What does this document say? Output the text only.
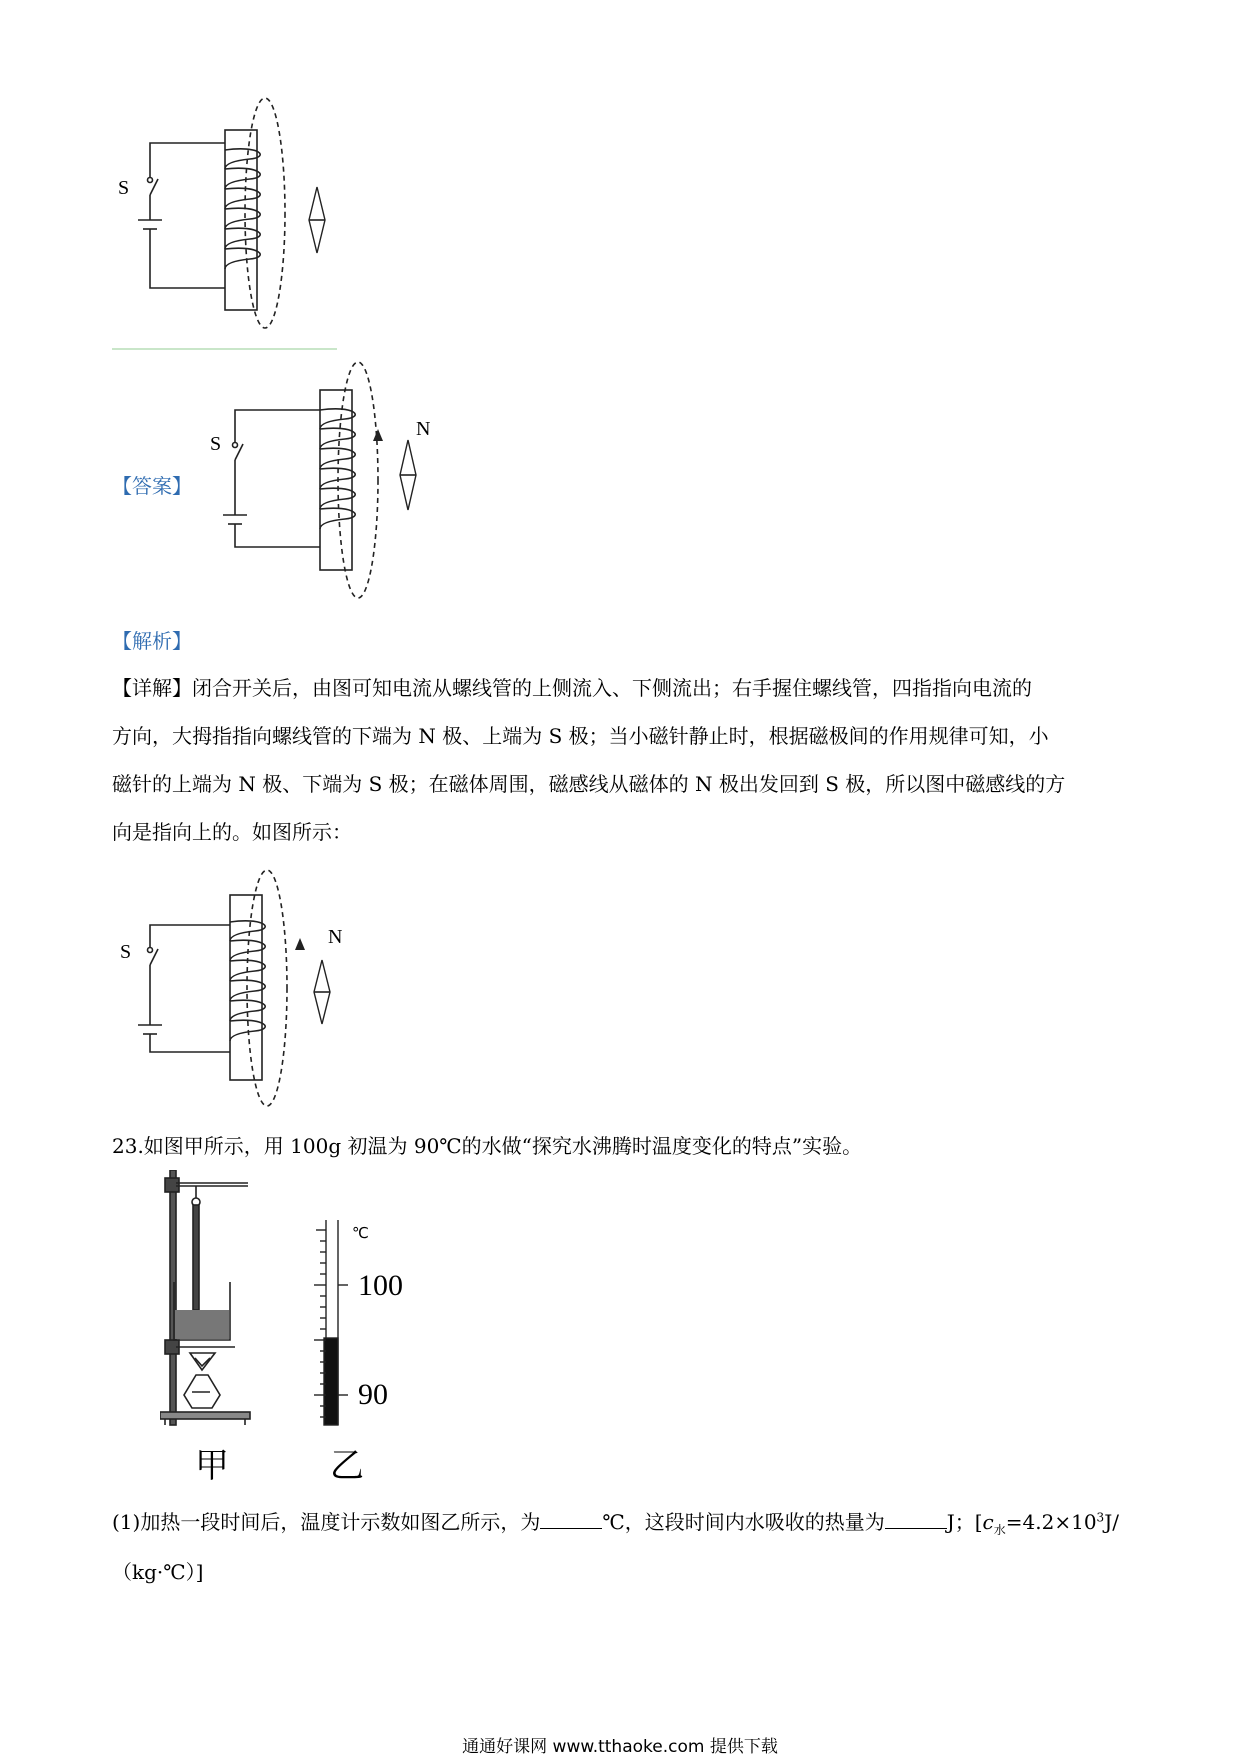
S
【答案】
S
N
【解析】

【详解】闭合开关后，由图可知电流从螺线管的上侧流入、下侧流出；右手握住螺线管，四指指向电流的

方向，大拇指指向螺线管的下端为 N 极、上端为 S 极；当小磁针静止时，根据磁极间的作用规律可知，小

磁针的上端为 N 极、下端为 S 极；在磁体周围，磁感线从磁体的 N 极出发回到 S 极，所以图中磁感线的方

向是指向上的。如图所示：

S
N
23.如图甲所示，用 100g 初温为 90℃的水做“探究水沸腾时温度变化的特点”实验。
℃
100
90
甲	乙
(1)加热一段时间后，温度计示数如图乙所示，为	℃，这段时间内水吸收的热量为	J；[$c_水=4.2\times 10^3J/$
（kg·℃）]
通通好课网 www.tthaoke.com 提供下载
